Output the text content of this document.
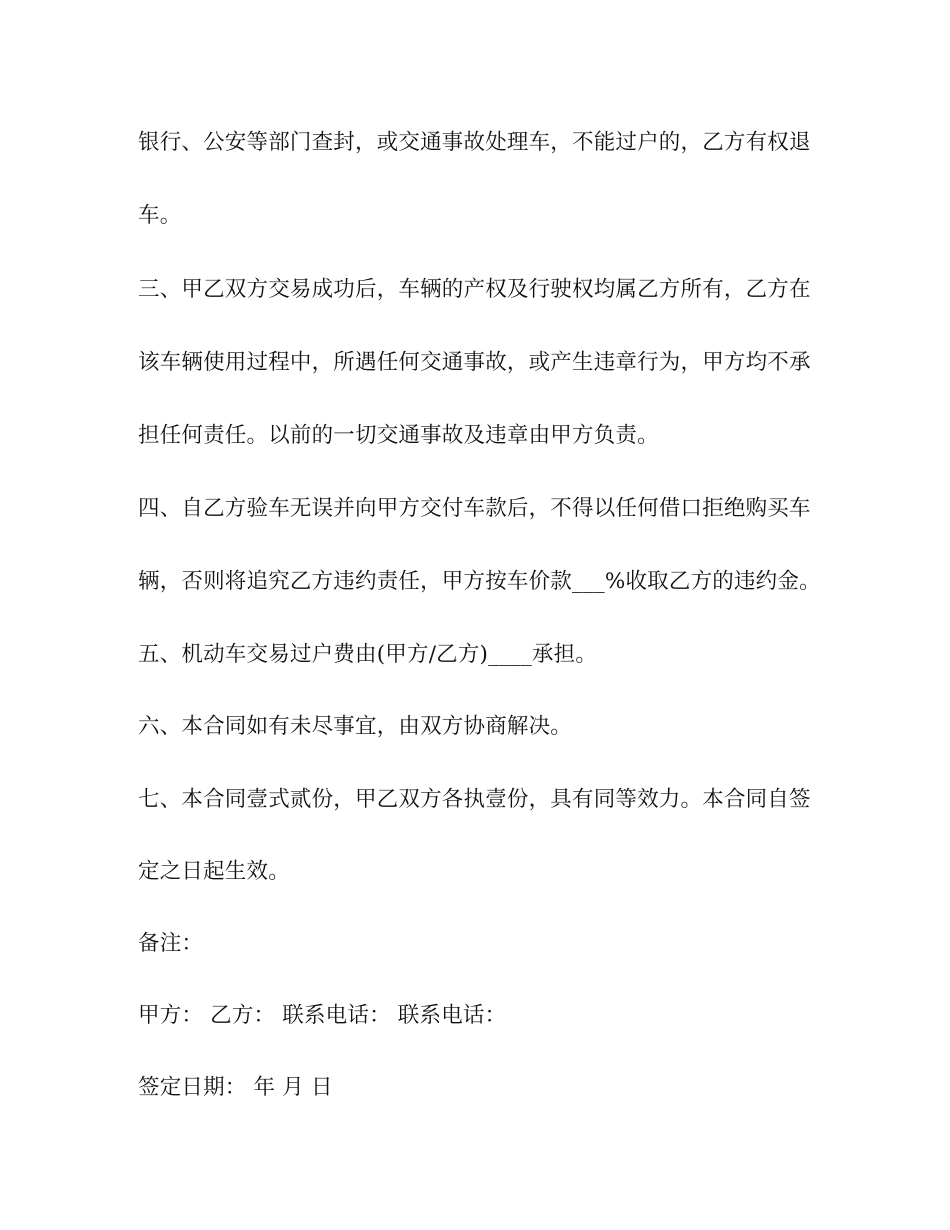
银行、公安等部门查封，或交通事故处理车，不能过户的，乙方有权退
车。
三、甲乙双方交易成功后，车辆的产权及行驶权均属乙方所有，乙方在
该车辆使用过程中，所遇任何交通事故，或产生违章行为，甲方均不承
担任何责任。以前的一切交通事故及违章由甲方负责。
四、自乙方验车无误并向甲方交付车款后，不得以任何借口拒绝购买车
辆，否则将追究乙方违约责任，甲方按车价款___%收取乙方的违约金。
五、机动车交易过户费由(甲方/乙方)____承担。
六、本合同如有未尽事宜，由双方协商解决。
七、本合同壹式贰份，甲乙双方各执壹份，具有同等效力。本合同自签
定之日起生效。
备注：
甲方： 乙方： 联系电话： 联系电话：
签定日期： 年 月 日
